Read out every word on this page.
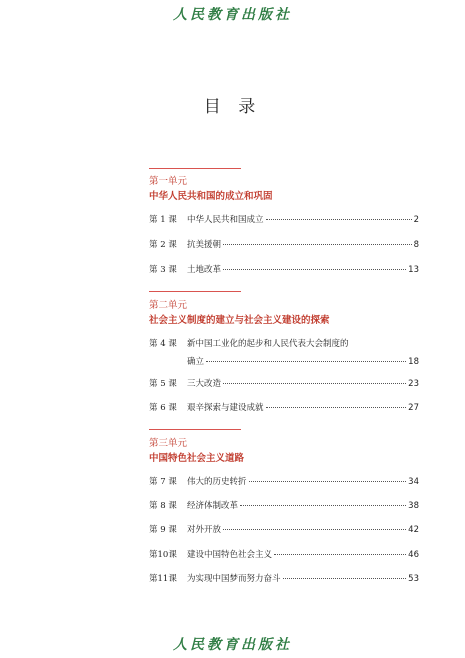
人民教育出版社
目 录
第一单元
中华人民共和国的成立和巩固
第 1 课	中华人民共和国成立	2
第 2 课	抗美援朝	8
第 3 课	土地改革	13
第二单元
社会主义制度的建立与社会主义建设的探索
第 4 课	新中国工业化的起步和人民代表大会制度的
确立	18
第 5 课	三大改造	23
第 6 课	艰辛探索与建设成就	27
第三单元
中国特色社会主义道路
第 7 课	伟大的历史转折	34
第 8 课	经济体制改革	38
第 9 课	对外开放	42
第10课	建设中国特色社会主义	46
第11课	为实现中国梦而努力奋斗	53
人民教育出版社
